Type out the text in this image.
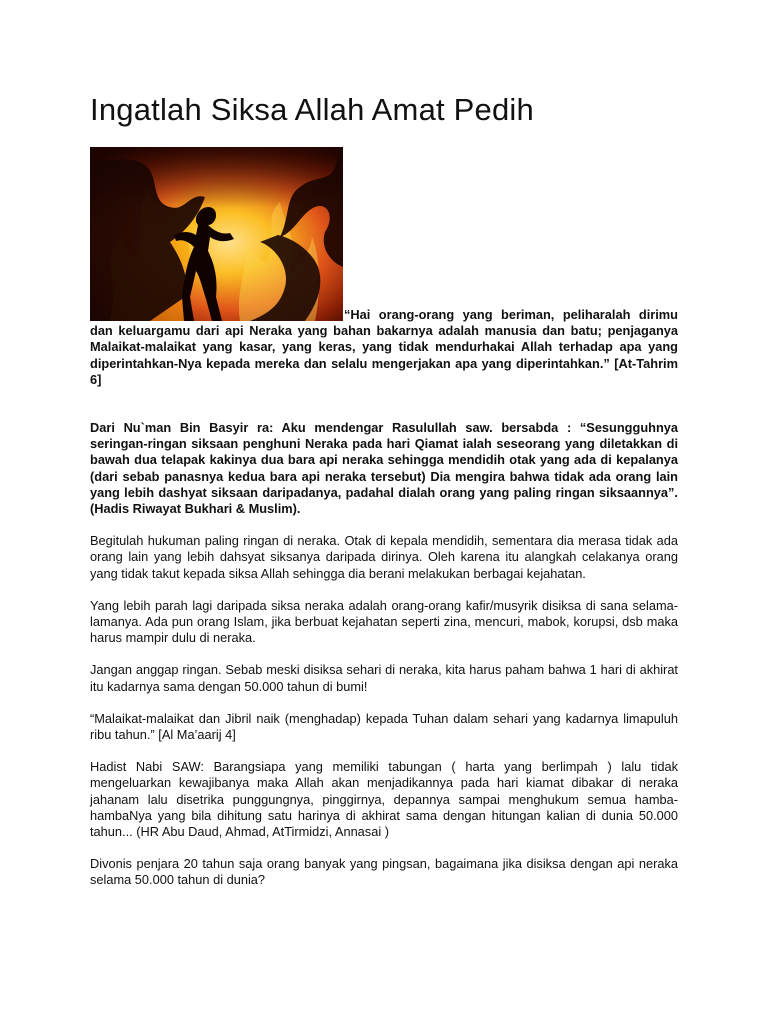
Ingatlah Siksa Allah Amat Pedih

“Hai orang-orang yang beriman, peliharalah dirimu dan keluargamu dari api Neraka yang bahan bakarnya adalah manusia dan batu; penjaganya Malaikat-malaikat yang kasar, yang keras, yang tidak mendurhakai Allah terhadap apa yang diperintahkan-Nya kepada mereka dan selalu mengerjakan apa yang diperintahkan.” [At-Tahrim 6]

Dari Nu`man Bin Basyir ra: Aku mendengar Rasulullah saw. bersabda : “Sesungguhnya seringan-ringan siksaan penghuni Neraka pada hari Qiamat ialah seseorang yang diletakkan di bawah dua telapak kakinya dua bara api neraka sehingga mendidih otak yang ada di kepalanya (dari sebab panasnya kedua bara api neraka tersebut) Dia mengira bahwa tidak ada orang lain yang lebih dashyat siksaan daripadanya, padahal dialah orang yang paling ringan siksaannya”. (Hadis Riwayat Bukhari & Muslim).

Begitulah hukuman paling ringan di neraka. Otak di kepala mendidih, sementara dia merasa tidak ada orang lain yang lebih dahsyat siksanya daripada dirinya. Oleh karena itu alangkah celakanya orang yang tidak takut kepada siksa Allah sehingga dia berani melakukan berbagai kejahatan.

Yang lebih parah lagi daripada siksa neraka adalah orang-orang kafir/musyrik disiksa di sana selama-lamanya. Ada pun orang Islam, jika berbuat kejahatan seperti zina, mencuri, mabok, korupsi, dsb maka harus mampir dulu di neraka.

Jangan anggap ringan. Sebab meski disiksa sehari di neraka, kita harus paham bahwa 1 hari di akhirat itu kadarnya sama dengan 50.000 tahun di bumi!

“Malaikat-malaikat dan Jibril naik (menghadap) kepada Tuhan dalam sehari yang kadarnya limapuluh ribu tahun.” [Al Ma’aarij 4]

Hadist Nabi SAW: Barangsiapa yang memiliki tabungan ( harta yang berlimpah ) lalu tidak mengeluarkan kewajibanya maka Allah akan menjadikannya pada hari kiamat dibakar di neraka jahanam lalu disetrika punggungnya, pinggirnya, depannya sampai menghukum semua hamba-hambaNya yang bila dihitung satu harinya di akhirat sama dengan hitungan kalian di dunia 50.000 tahun... (HR Abu Daud, Ahmad, AtTirmidzi, Annasai )

Divonis penjara 20 tahun saja orang banyak yang pingsan, bagaimana jika disiksa dengan api neraka selama 50.000 tahun di dunia?
